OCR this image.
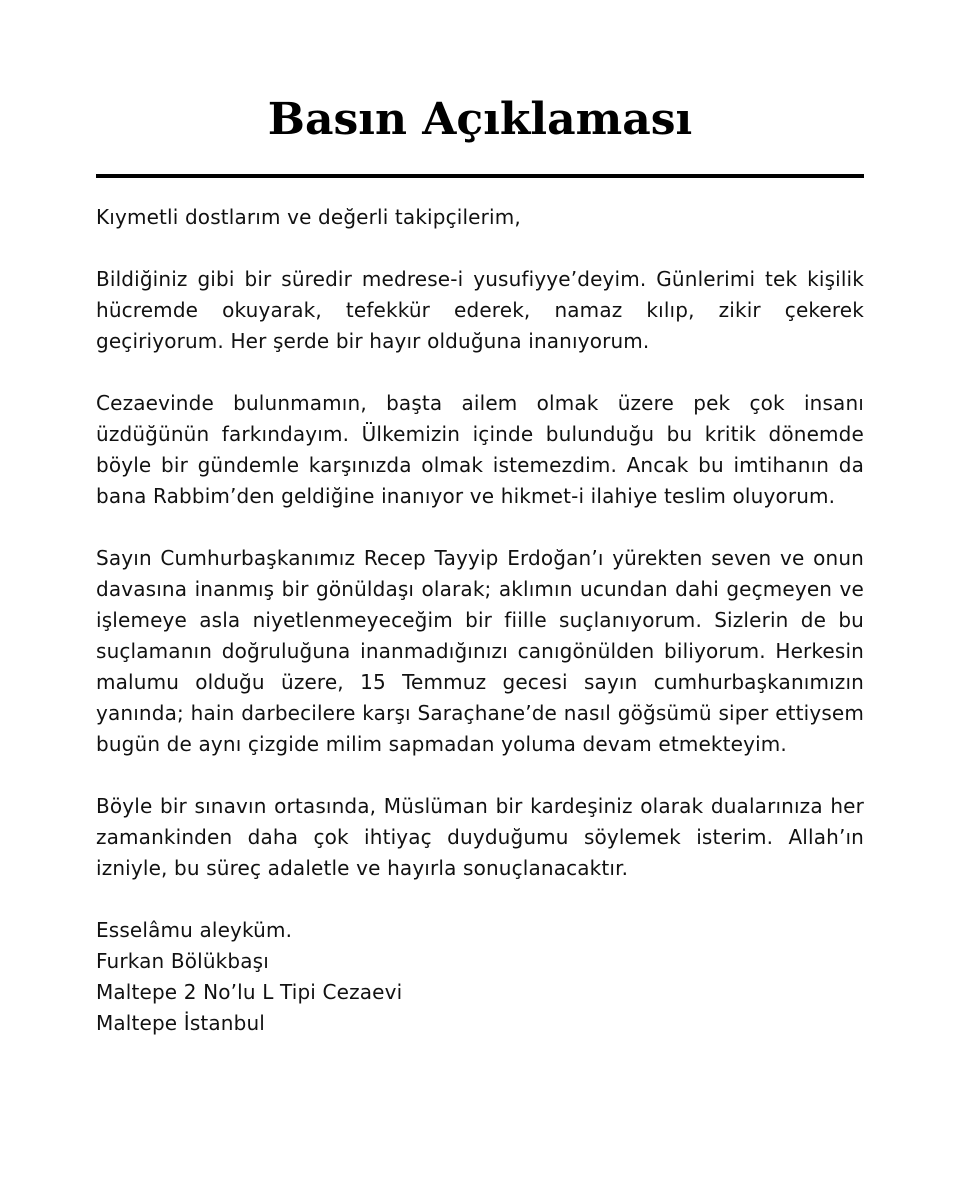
Basın Açıklaması

Kıymetli dostlarım ve değerli takipçilerim,

Bildiğiniz gibi bir süredir medrese-i yusufiyye’deyim. Günlerimi tek kişilik hücremde okuyarak, tefekkür ederek, namaz kılıp, zikir çekerek geçiriyorum. Her şerde bir hayır olduğuna inanıyorum.

Cezaevinde bulunmamın, başta ailem olmak üzere pek çok insanı üzdüğünün farkındayım. Ülkemizin içinde bulunduğu bu kritik dönemde böyle bir gündemle karşınızda olmak istemezdim. Ancak bu imtihanın da bana Rabbim’den geldiğine inanıyor ve hikmet-i ilahiye teslim oluyorum.

Sayın Cumhurbaşkanımız Recep Tayyip Erdoğan’ı yürekten seven ve onun davasına inanmış bir gönüldaşı olarak; aklımın ucundan dahi geçmeyen ve işlemeye asla niyetlenmeyeceğim bir fiille suçlanıyorum. Sizlerin de bu suçlamanın doğruluğuna inanmadığınızı canıgönülden biliyorum. Herkesin malumu olduğu üzere, 15 Temmuz gecesi sayın cumhurbaşkanımızın yanında; hain darbecilere karşı Saraçhane’de nasıl göğsümü siper ettiysem bugün de aynı çizgide milim sapmadan yoluma devam etmekteyim.

Böyle bir sınavın ortasında, Müslüman bir kardeşiniz olarak dualarınıza her zamankinden daha çok ihtiyaç duyduğumu söylemek isterim. Allah’ın izniyle, bu süreç adaletle ve hayırla sonuçlanacaktır.

Esselâmu aleyküm.
Furkan Bölükbaşı
Maltepe 2 No’lu L Tipi Cezaevi
Maltepe İstanbul
